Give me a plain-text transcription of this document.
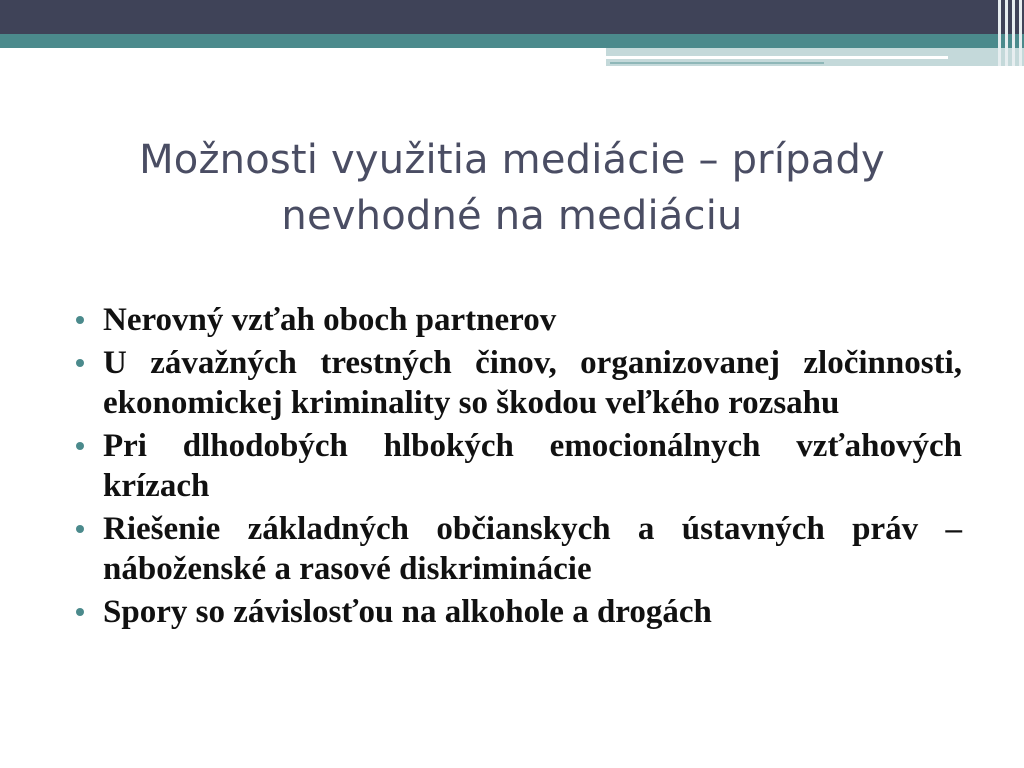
Možnosti využitia mediácie – prípady nevhodné na mediáciu
Nerovný vzťah oboch partnerov
U závažných trestných činov, organizovanej zločinnosti, ekonomickej kriminality so škodou veľkého rozsahu
Pri dlhodobých hlbokých emocionálnych vzťahových krízach
Riešenie základných občianskych a ústavných práv – náboženské a rasové diskriminácie
Spory so závislosťou na alkohole a drogách
